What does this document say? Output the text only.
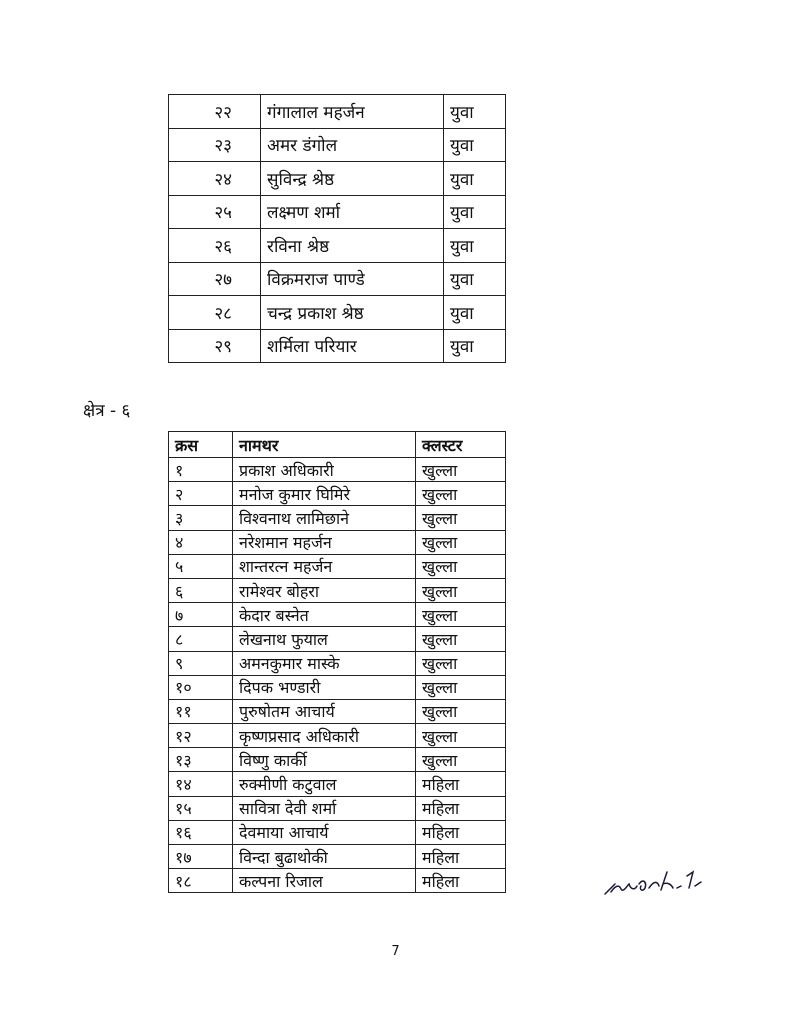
२२	गंगालाल महर्जन	युवा
२३	अमर डंगोल	युवा
२४	सुविन्द्र श्रेष्ठ	युवा
२५	लक्ष्मण शर्मा	युवा
२६	रविना श्रेष्ठ	युवा
२७	विक्रमराज पाण्डे	युवा
२८	चन्द्र प्रकाश श्रेष्ठ	युवा
२९	शर्मिला परियार	युवा
क्षेत्र - ६
क्रस	नामथर	क्लस्टर
१	प्रकाश अधिकारी	खुल्ला
२	मनोज कुमार घिमिरे	खुल्ला
३	विश्वनाथ लामिछाने	खुल्ला
४	नरेशमान महर्जन	खुल्ला
५	शान्तरत्न महर्जन	खुल्ला
६	रामेश्वर बोहरा	खुल्ला
७	केदार बस्नेत	खुल्ला
८	लेखनाथ फुयाल	खुल्ला
९	अमनकुमार मास्के	खुल्ला
१०	दिपक भण्डारी	खुल्ला
११	पुरुषोतम आचार्य	खुल्ला
१२	कृष्णप्रसाद अधिकारी	खुल्ला
१३	विष्णु कार्की	खुल्ला
१४	रुक्मीणी कटुवाल	महिला
१५	सावित्रा देवी शर्मा	महिला
१६	देवमाया आचार्य	महिला
१७	विन्दा बुढाथोकी	महिला
१८	कल्पना रिजाल	महिला
7
